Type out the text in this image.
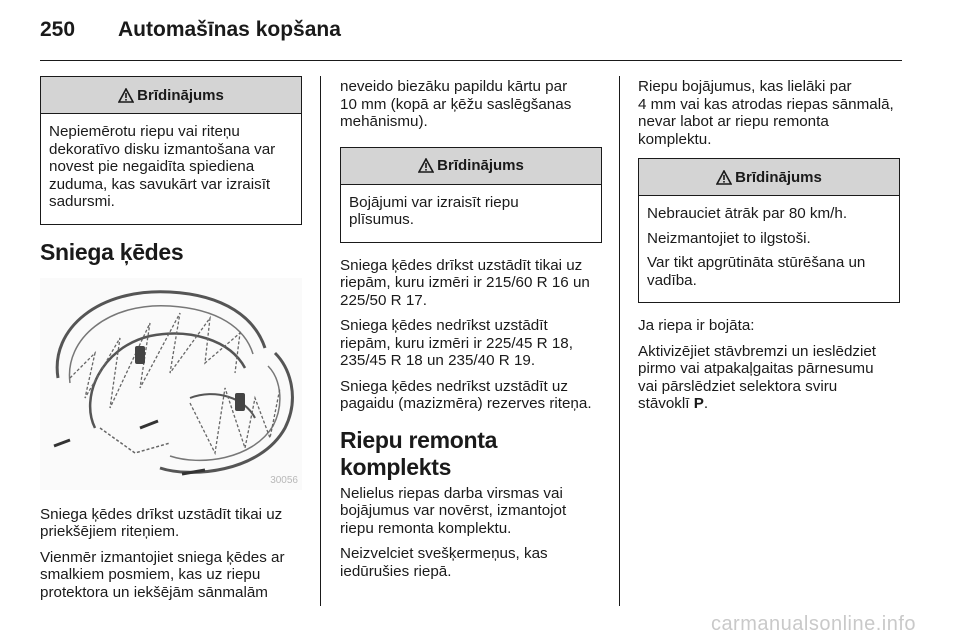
250 Automašīnas kopšana
Brīdinājums

Nepiemērotu riepu vai riteņu
dekoratīvo disku izmantošana var
novest pie negaidīta spiediena
zuduma, kas savukārt var izraisīt
sadursmi.

Sniega ķēdes
30056

Sniega ķēdes drīkst uzstādīt tikai uz
priekšējiem riteņiem.

Vienmēr izmantojiet sniega ķēdes ar
smalkiem posmiem, kas uz riepu
protektora un iekšējām sānmalām

neveido biezāku papildu kārtu par
10 mm (kopā ar ķēžu saslēgšanas
mehānismu).

Brīdinājums

Bojājumi var izraisīt riepu
plīsumus.

Sniega ķēdes drīkst uzstādīt tikai uz
riepām, kuru izmēri ir 215/60 R 16 un
225/50 R 17.

Sniega ķēdes nedrīkst uzstādīt
riepām, kuru izmēri ir 225/45 R 18,
235/45 R 18 un 235/40 R 19.

Sniega ķēdes nedrīkst uzstādīt uz
pagaidu (mazizmēra) rezerves riteņa.

Riepu remonta komplekts

Nelielus riepas darba virsmas vai
bojājumus var novērst, izmantojot
riepu remonta komplektu.

Neizvelciet svešķermeņus, kas
iedūrušies riepā.

Riepu bojājumus, kas lielāki par
4 mm vai kas atrodas riepas sānmalā,
nevar labot ar riepu remonta
komplektu.

Brīdinājums

Nebrauciet ātrāk par 80 km/h.

Neizmantojiet to ilgstoši.

Var tikt apgrūtināta stūrēšana un
vadība.

Ja riepa ir bojāta:

Aktivizējiet stāvbremzi un ieslēdziet
pirmo vai atpakaļgaitas pārnesumu
vai pārslēdziet selektora sviru
stāvoklī P.

carmanualsonline.info
